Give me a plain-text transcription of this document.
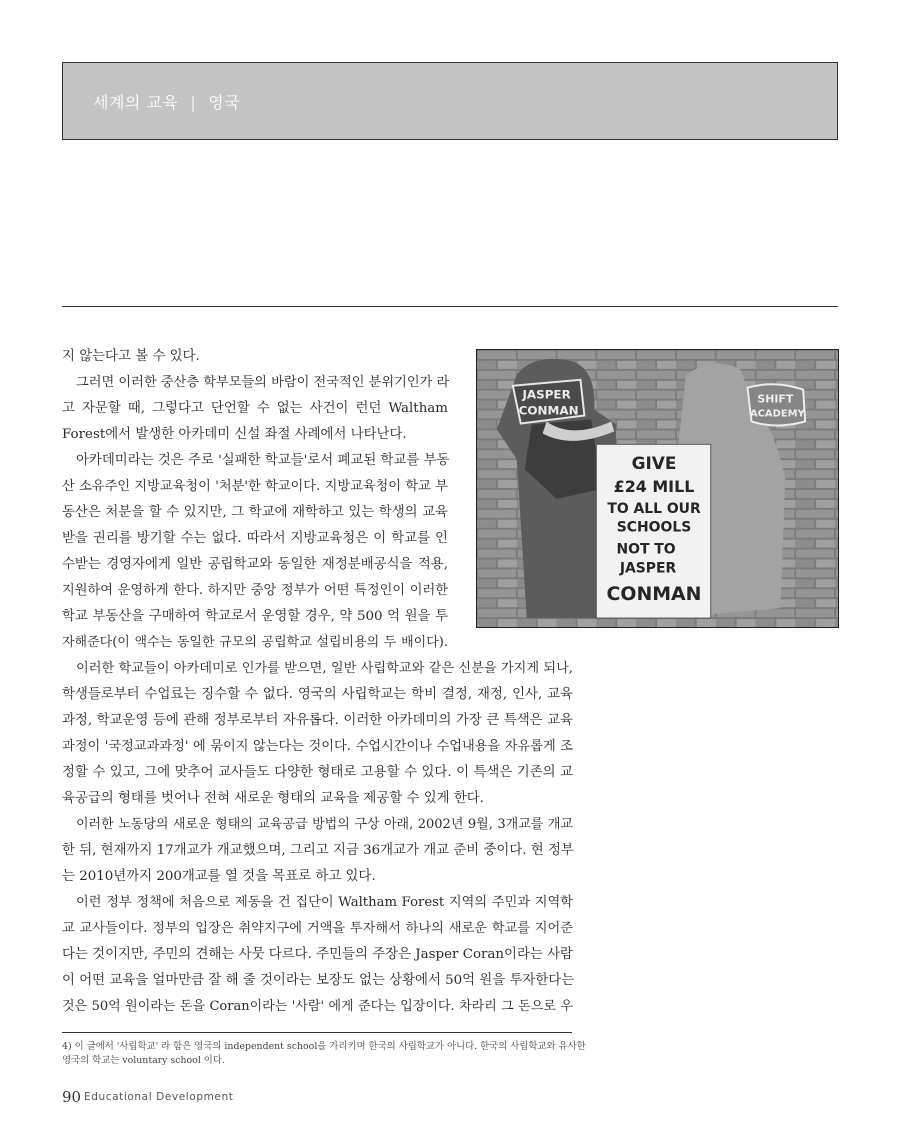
세계의 교육 | 영국
JASPER
CONMAN
SHIFT
ACADEMY
GIVE
£24 MILL
TO ALL OUR
SCHOOLS
NOT TO
JASPER
CONMAN
지 않는다고 볼 수 있다.
그러면 이러한 중산층 학부모들의 바람이 전국적인 분위기인가 라
고 자문할 때, 그렇다고 단언할 수 없는 사건이 런던 Waltham
Forest에서 발생한 아카데미 신설 좌절 사례에서 나타난다.
아카데미라는 것은 주로 '실패한 학교들'로서 폐교된 학교를 부동
산 소유주인 지방교육청이 '처분'한 학교이다. 지방교육청이 학교 부
동산은 처분을 할 수 있지만, 그 학교에 재학하고 있는 학생의 교육
받을 권리를 방기할 수는 없다. 따라서 지방교육청은 이 학교를 인
수받는 경영자에게 일반 공립학교와 동일한 재정분배공식을 적용,
지원하여 운영하게 한다. 하지만 중앙 정부가 어떤 특정인이 이러한
학교 부동산을 구매하여 학교로서 운영할 경우, 약 500 억 원을 투
자해준다(이 액수는 동일한 규모의 공립학교 설립비용의 두 배이다).
이러한 학교들이 아카데미로 인가를 받으면, 일반 사립학교와 같은 신분을 가지게 되나,
학생들로부터 수업료는 징수할 수 없다. 영국의 사립학교는 학비 결정, 재정, 인사, 교육
과정, 학교운영 등에 관해 정부로부터 자유롭다. 이러한 아카데미의 가장 큰 특색은 교육
과정이 '국정교과과정' 에 묶이지 않는다는 것이다. 수업시간이나 수업내용을 자유롭게 조
정할 수 있고, 그에 맞추어 교사들도 다양한 형태로 고용할 수 있다. 이 특색은 기존의 교
육공급의 형태를 벗어나 전혀 새로운 형태의 교육을 제공할 수 있게 한다.
이러한 노동당의 새로운 형태의 교육공급 방법의 구상 아래, 2002년 9월, 3개교를 개교
한 뒤, 현재까지 17개교가 개교했으며, 그리고 지금 36개교가 개교 준비 중이다. 현 정부
는 2010년까지 200개교를 열 것을 목표로 하고 있다.
이런 정부 정책에 처음으로 제동을 건 집단이 Waltham Forest 지역의 주민과 지역학
교 교사들이다. 정부의 입장은 취약지구에 거액을 투자해서 하나의 새로운 학교를 지어준
다는 것이지만, 주민의 견해는 사뭇 다르다. 주민들의 주장은 Jasper Coran이라는 사람
이 어떤 교육을 얼마만큼 잘 해 줄 것이라는 보장도 없는 상황에서 50억 원을 투자한다는
것은 50억 원이라는 돈을 Coran이라는 '사람' 에게 준다는 입장이다. 차라리 그 돈으로 우
4) 이 글에서 '사립학교' 라 함은 영국의 independent school을 가리키며 한국의 사립학교가 아니다. 한국의 사립학교와 유사한
영국의 학교는 voluntary school 이다.
90 Educational Development
